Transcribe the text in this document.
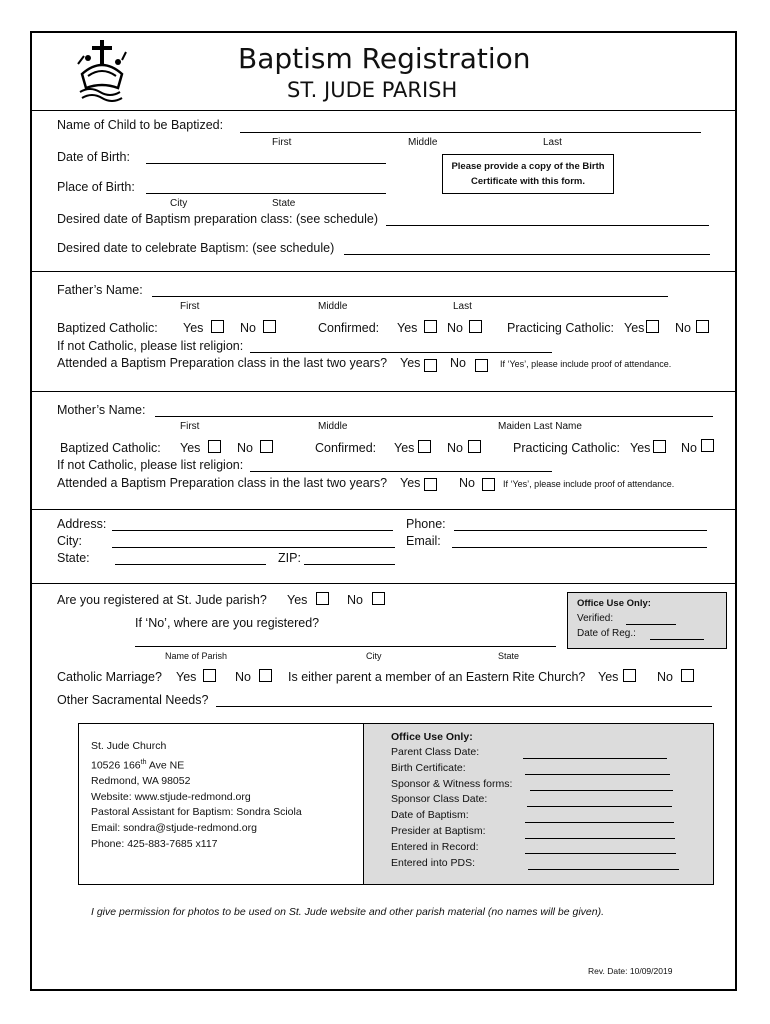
Baptism Registration
ST. JUDE PARISH
Name of Child to be Baptized:
First	Middle	Last
Date of Birth:
Please provide a copy of the Birth Certificate with this form.
Place of Birth:
City	State
Desired date of Baptism preparation class: (see schedule)
Desired date to celebrate Baptism: (see schedule)
Father’s Name:
First	Middle	Last
Baptized Catholic: Yes	No	Confirmed: Yes No	Practicing Catholic: Yes No
If not Catholic, please list religion:
Attended a Baptism Preparation class in the last two years? Yes No	If ‘Yes’, please include proof of attendance.
Mother’s Name:
First	Middle	Maiden Last Name
Baptized Catholic: Yes	No	Confirmed: Yes	No	Practicing Catholic: Yes No
If not Catholic, please list religion:
Attended a Baptism Preparation class in the last two years? Yes	No	If ‘Yes’, please include proof of attendance.
Address:	Phone:
City:	Email:
State:	ZIP:
Are you registered at St. Jude parish? Yes	No
If ‘No’, where are you registered?
Name of Parish	City	State
Office Use Only:
Verified:
Date of Reg.:
Catholic Marriage? Yes	No	Is either parent a member of an Eastern Rite Church? Yes	No
Other Sacramental Needs?
St. Jude Church
10526 166th Ave NE
Redmond, WA 98052
Website: www.stjude-redmond.org
Pastoral Assistant for Baptism: Sondra Sciola
Email: sondra@stjude-redmond.org
Phone: 425-883-7685 x117
Office Use Only:
Parent Class Date:
Birth Certificate:
Sponsor & Witness forms:
Sponsor Class Date:
Date of Baptism:
Presider at Baptism:
Entered in Record:
Entered into PDS:
I give permission for photos to be used on St. Jude website and other parish material (no names will be given).
Rev. Date: 10/09/2019
